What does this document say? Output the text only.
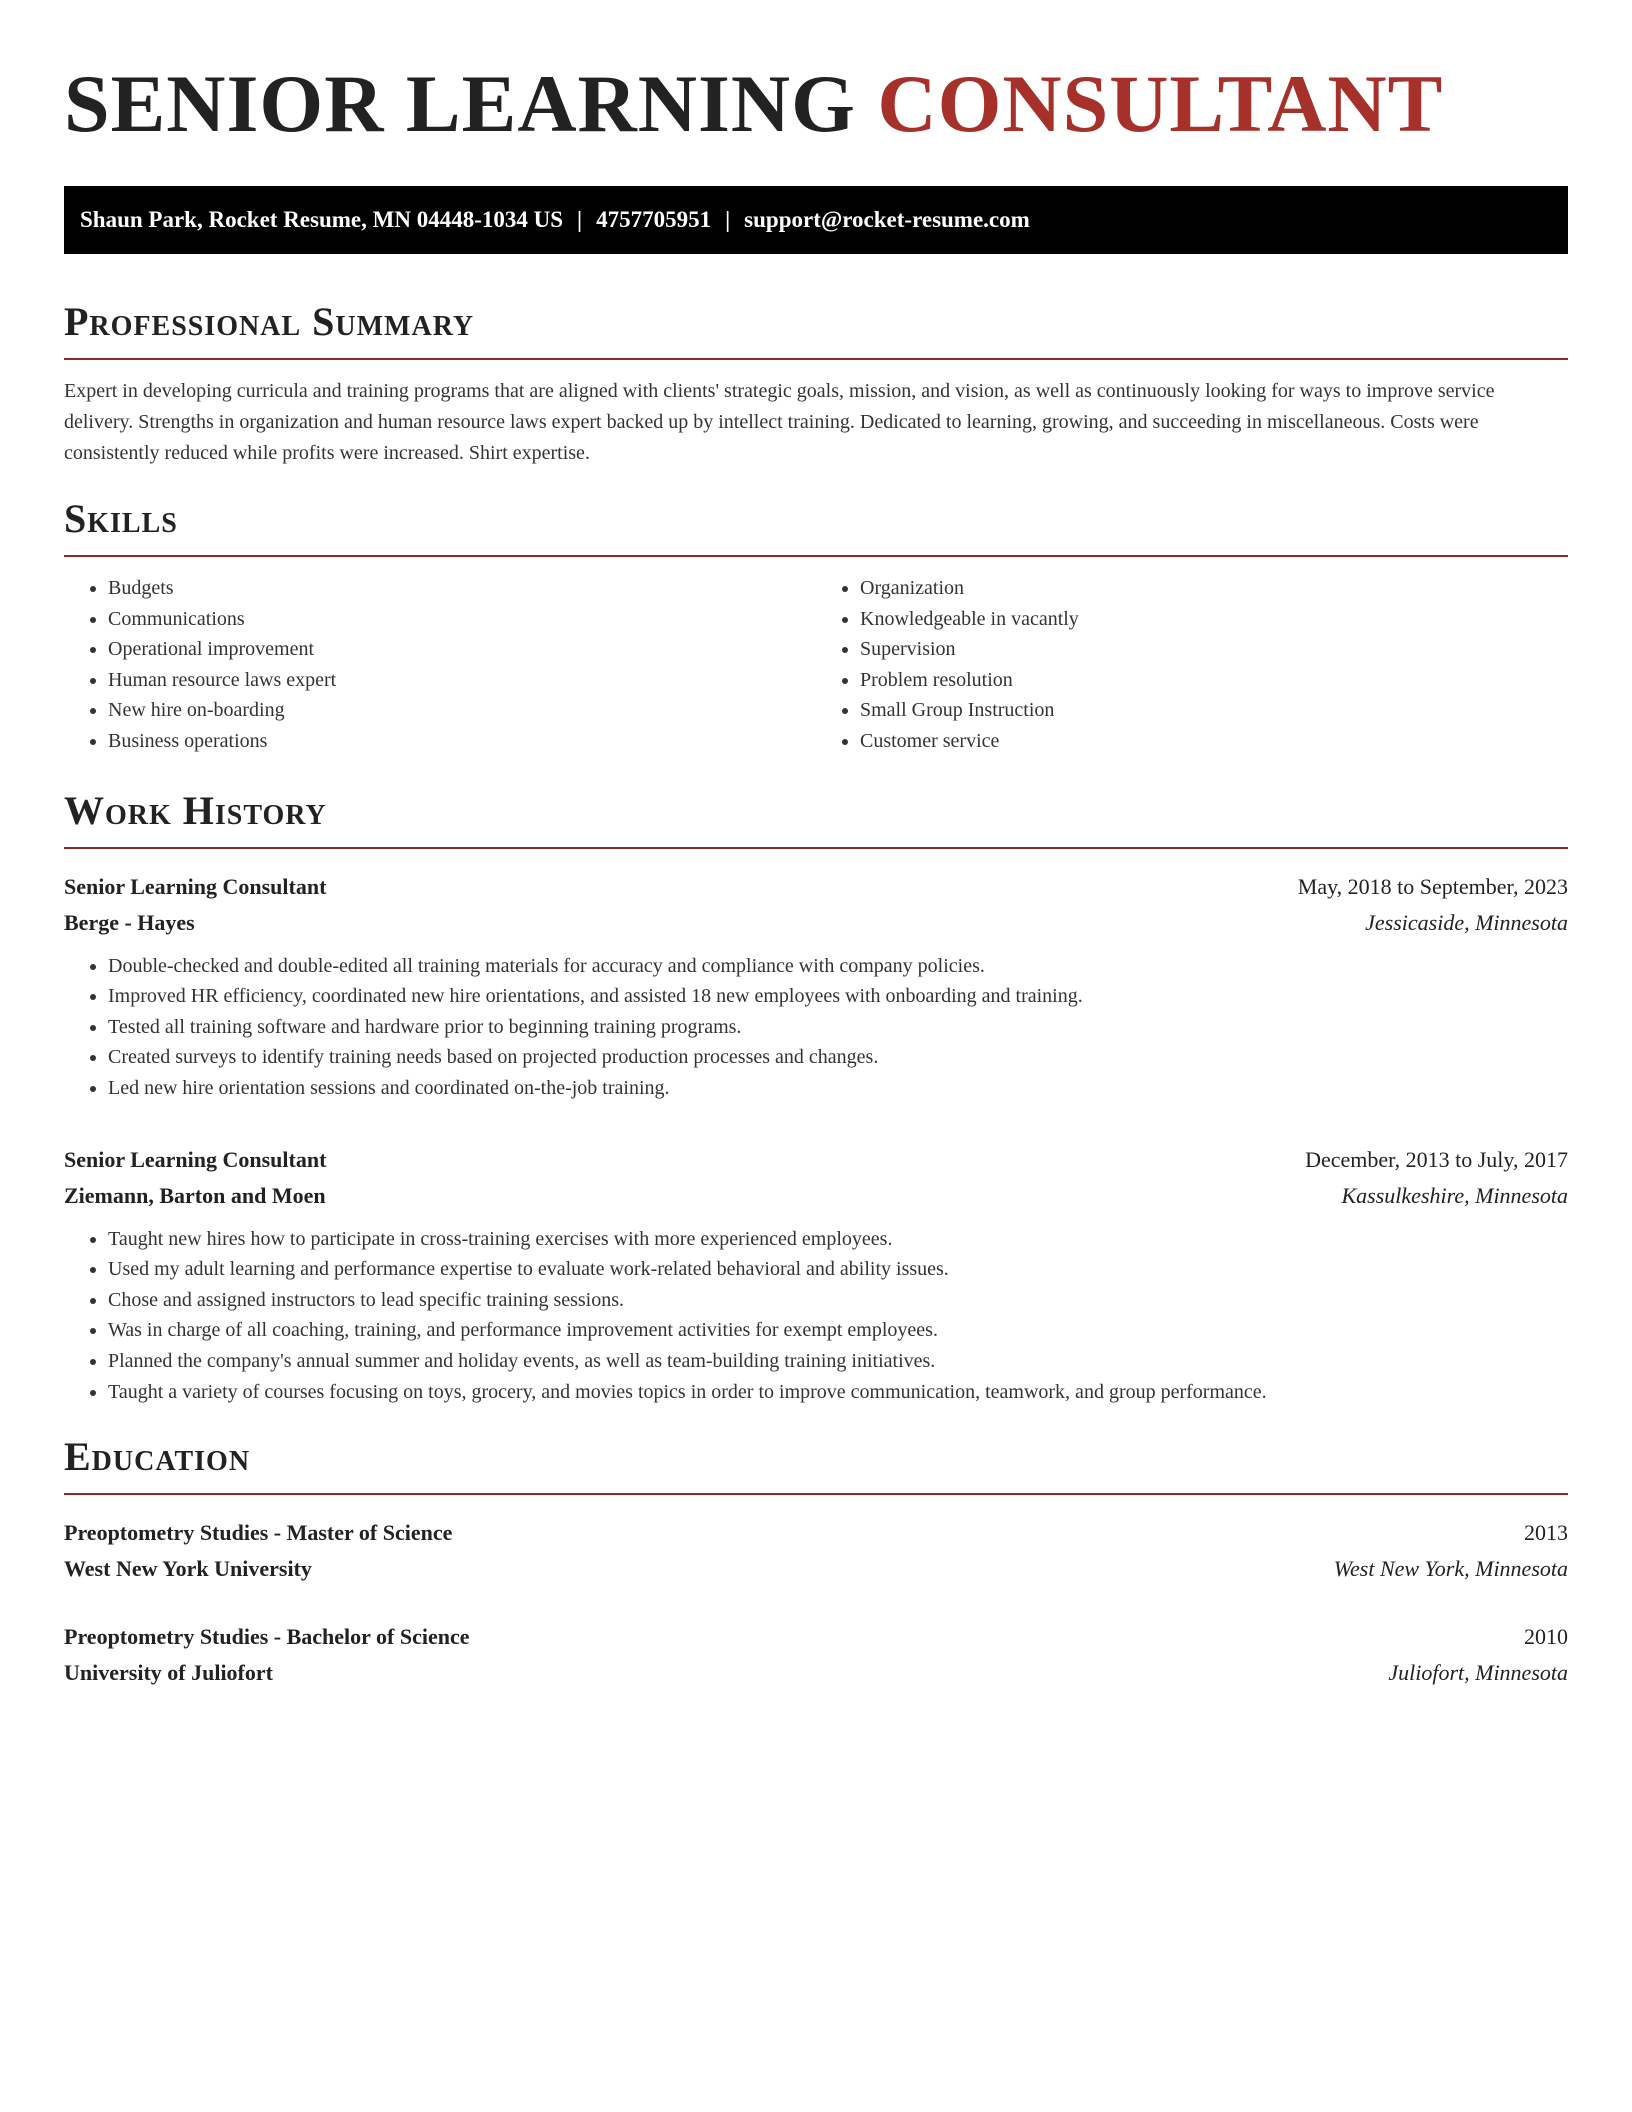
SENIOR LEARNING CONSULTANT
Shaun Park, Rocket Resume, MN 04448-1034 US | 4757705951 | support@rocket-resume.com
Professional Summary

Expert in developing curricula and training programs that are aligned with clients' strategic goals, mission, and vision, as well as continuously looking for ways to improve service delivery. Strengths in organization and human resource laws expert backed up by intellect training. Dedicated to learning, growing, and succeeding in miscellaneous. Costs were consistently reduced while profits were increased. Shirt expertise.

Skills
• Budgets
• Communications
• Operational improvement
• Human resource laws expert
• New hire on-boarding
• Business operations
• Organization
• Knowledgeable in vacantly
• Supervision
• Problem resolution
• Small Group Instruction
• Customer service
Work History
Senior Learning Consultant	May, 2018 to September, 2023
Berge - Hayes	Jessicaside, Minnesota
• Double-checked and double-edited all training materials for accuracy and compliance with company policies.
• Improved HR efficiency, coordinated new hire orientations, and assisted 18 new employees with onboarding and training.
• Tested all training software and hardware prior to beginning training programs.
• Created surveys to identify training needs based on projected production processes and changes.
• Led new hire orientation sessions and coordinated on-the-job training.
Senior Learning Consultant	December, 2013 to July, 2017
Ziemann, Barton and Moen	Kassulkeshire, Minnesota
• Taught new hires how to participate in cross-training exercises with more experienced employees.
• Used my adult learning and performance expertise to evaluate work-related behavioral and ability issues.
• Chose and assigned instructors to lead specific training sessions.
• Was in charge of all coaching, training, and performance improvement activities for exempt employees.
• Planned the company's annual summer and holiday events, as well as team-building training initiatives.
• Taught a variety of courses focusing on toys, grocery, and movies topics in order to improve communication, teamwork, and group performance.
Education
Preoptometry Studies - Master of Science	2013
West New York University	West New York, Minnesota
Preoptometry Studies - Bachelor of Science	2010
University of Juliofort	Juliofort, Minnesota
